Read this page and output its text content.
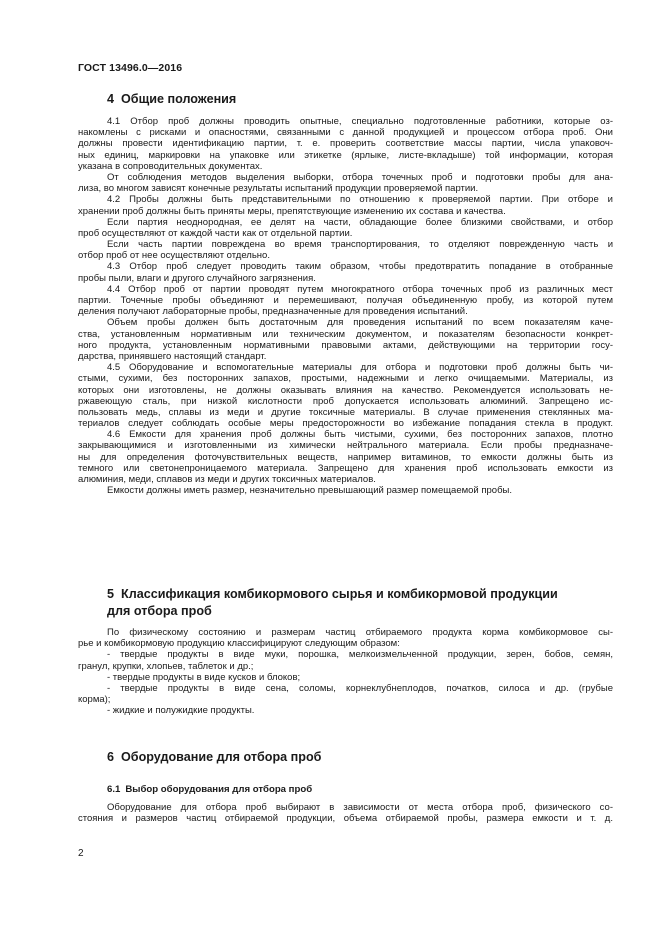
ГОСТ 13496.0—2016
4 Общие положения
4.1 Отбор проб должны проводить опытные, специально подготовленные работники, которые оз-
накомлены с рисками и опасностями, связанными с данной продукцией и процессом отбора проб. Они
должны провести идентификацию партии, т. е. проверить соответствие массы партии, числа упаковоч-
ных единиц, маркировки на упаковке или этикетке (ярлыке, листе-вкладыше) той информации, которая
указана в сопроводительных документах.
От соблюдения методов выделения выборки, отбора точечных проб и подготовки пробы для ана-
лиза, во многом зависят конечные результаты испытаний продукции проверяемой партии.
4.2 Пробы должны быть представительными по отношению к проверяемой партии. При отборе и
хранении проб должны быть приняты меры, препятствующие изменению их состава и качества.
Если партия неоднородная, ее делят на части, обладающие более близкими свойствами, и отбор
проб осуществляют от каждой части как от отдельной партии.
Если часть партии повреждена во время транспортирования, то отделяют поврежденную часть и
отбор проб от нее осуществляют отдельно.
4.3 Отбор проб следует проводить таким образом, чтобы предотвратить попадание в отобранные
пробы пыли, влаги и другого случайного загрязнения.
4.4 Отбор проб от партии проводят путем многократного отбора точечных проб из различных мест
партии. Точечные пробы объединяют и перемешивают, получая объединенную пробу, из которой путем
деления получают лабораторные пробы, предназначенные для проведения испытаний.
Объем пробы должен быть достаточным для проведения испытаний по всем показателям каче-
ства, установленным нормативным или техническим документом, и показателям безопасности конкрет-
ного продукта, установленным нормативными правовыми актами, действующими на территории госу-
дарства, принявшего настоящий стандарт.
4.5 Оборудование и вспомогательные материалы для отбора и подготовки проб должны быть чи-
стыми, сухими, без посторонних запахов, простыми, надежными и легко очищаемыми. Материалы, из
которых они изготовлены, не должны оказывать влияния на качество. Рекомендуется использовать не-
ржавеющую сталь, при низкой кислотности проб допускается использовать алюминий. Запрещено ис-
пользовать медь, сплавы из меди и другие токсичные материалы. В случае применения стеклянных ма-
териалов следует соблюдать особые меры предосторожности во избежание попадания стекла в продукт.
4.6 Емкости для хранения проб должны быть чистыми, сухими, без посторонних запахов, плотно
закрывающимися и изготовленными из химически нейтрального материала. Если пробы предназначе-
ны для определения фоточувствительных веществ, например витаминов, то емкости должны быть из
темного или светонепроницаемого материала. Запрещено для хранения проб использовать емкости из
алюминия, меди, сплавов из меди и других токсичных материалов.
Емкости должны иметь размер, незначительно превышающий размер помещаемой пробы.
5 Классификация комбикормового сырья и комбикормовой продукции
для отбора проб
По физическому состоянию и размерам частиц отбираемого продукта корма комбикормовое сы-
рье и комбикормовую продукцию классифицируют следующим образом:
- твердые продукты в виде муки, порошка, мелкоизмельченной продукции, зерен, бобов, семян,
гранул, крупки, хлопьев, таблеток и др.;
- твердые продукты в виде кусков и блоков;
- твердые продукты в виде сена, соломы, корнеклубнеплодов, початков, силоса и др. (грубые
корма);
- жидкие и полужидкие продукты.
6 Оборудование для отбора проб
6.1 Выбор оборудования для отбора проб
Оборудование для отбора проб выбирают в зависимости от места отбора проб, физического со-
стояния и размеров частиц отбираемой продукции, объема отбираемой пробы, размера емкости и т. д.
2
